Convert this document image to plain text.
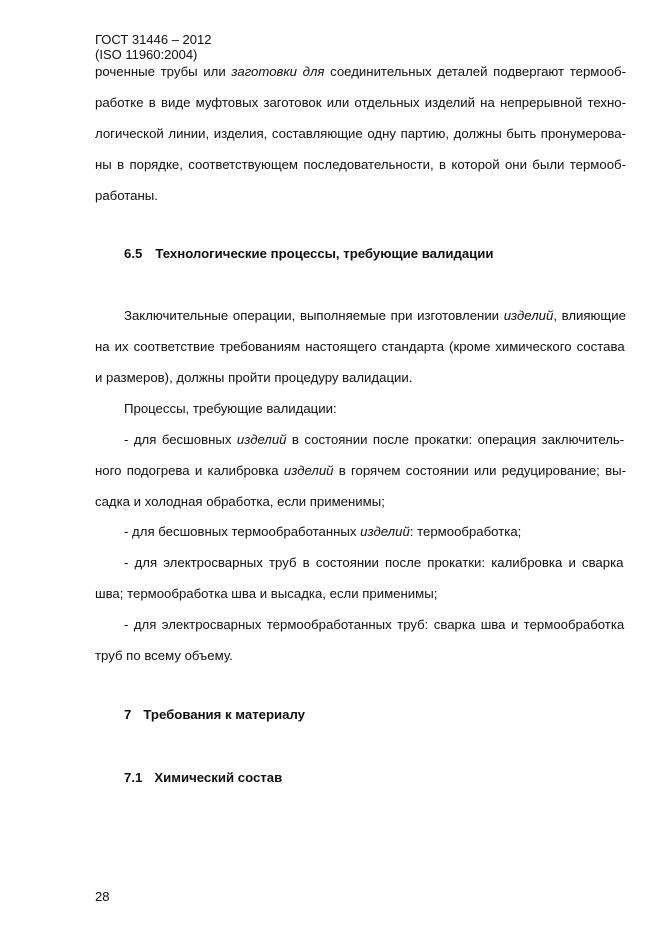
ГОСТ 31446 – 2012
(ISO 11960:2004)
роченные трубы или заготовки для соединительных деталей подвергают термооб-
работке в виде муфтовых заготовок или отдельных изделий на непрерывной техно-
логической линии, изделия, составляющие одну партию, должны быть пронумерова-
ны в порядке, соответствующем последовательности, в которой они были термооб-
работаны.
6.5 Технологические процессы, требующие валидации
Заключительные операции, выполняемые при изготовлении изделий, влияющие
на их соответствие требованиям настоящего стандарта (кроме химического состава
и размеров), должны пройти процедуру валидации.
Процессы, требующие валидации:
- для бесшовных изделий в состоянии после прокатки: операция заключитель-
ного подогрева и калибровка изделий в горячем состоянии или редуцирование; вы-
садка и холодная обработка, если применимы;
- для бесшовных термообработанных изделий: термообработка;
- для электросварных труб в состоянии после прокатки: калибровка и сварка
шва; термообработка шва и высадка, если применимы;
- для электросварных термообработанных труб: сварка шва и термообработка
труб по всему объему.
7 Требования к материалу
7.1 Химический состав
28
